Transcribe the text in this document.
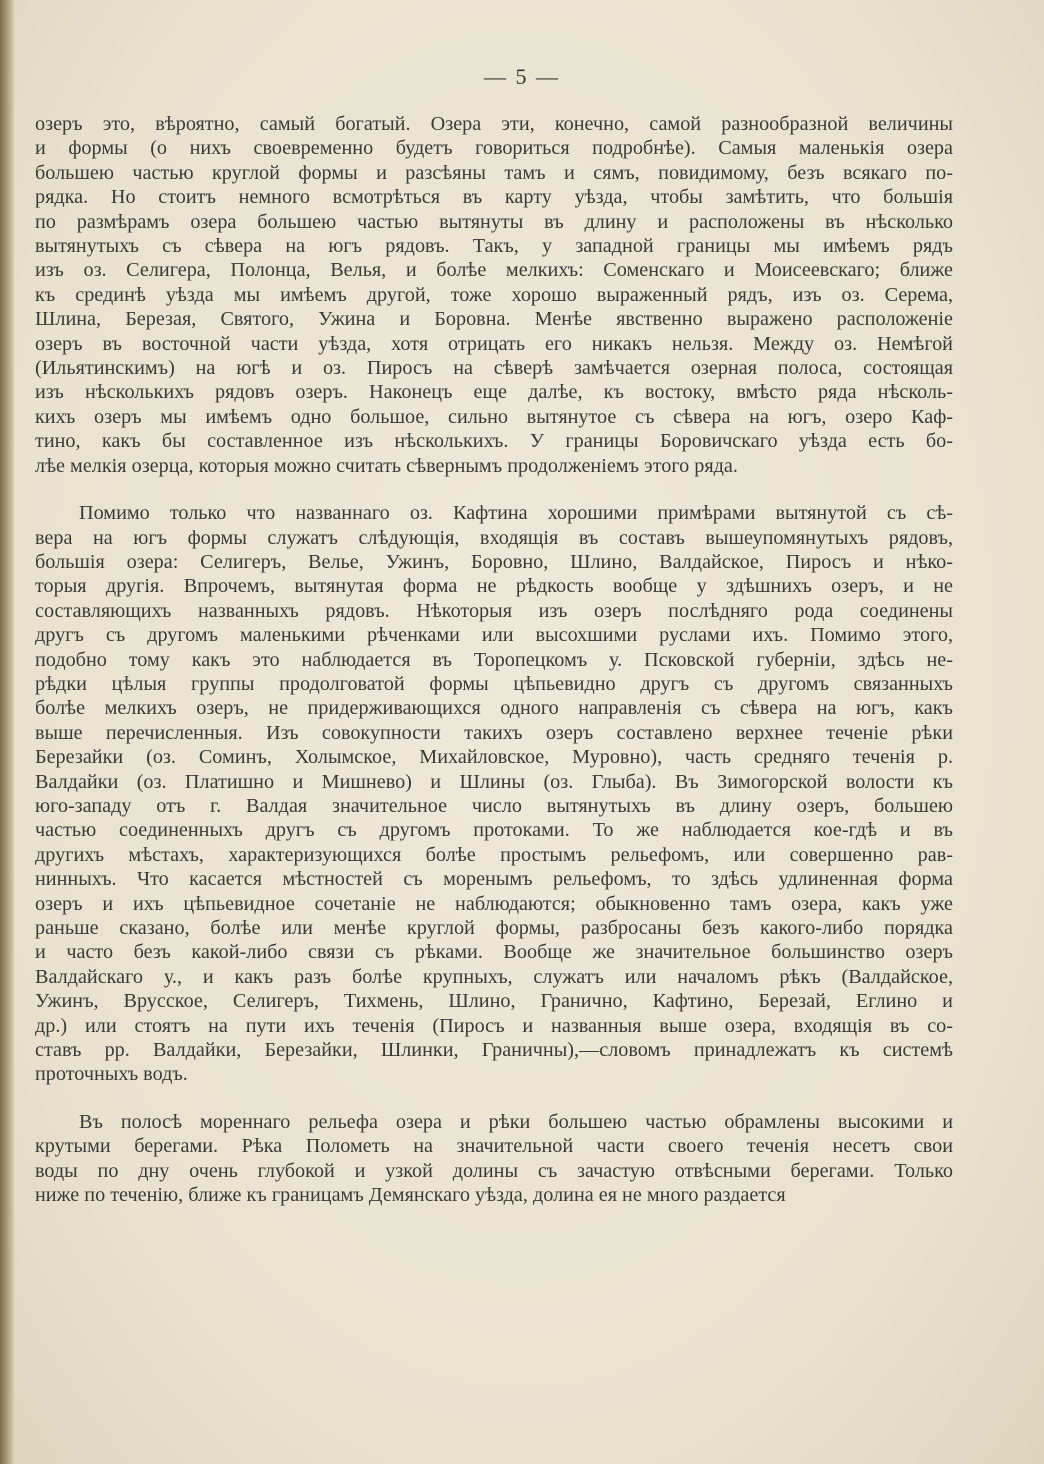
— 5 —

озеръ это, вѣроятно, самый богатый. Озера эти, конечно, самой разнообразной величины
и формы (о нихъ своевременно будетъ говориться подробнѣе). Самыя маленькія озера
большею частью круглой формы и разсѣяны тамъ и сямъ, повидимому, безъ всякаго по-
рядка. Но стоитъ немного всмотрѣться въ карту уѣзда, чтобы замѣтить, что большія
по размѣрамъ озера большею частью вытянуты въ длину и расположены въ нѣсколько
вытянутыхъ съ сѣвера на югъ рядовъ. Такъ, у западной границы мы имѣемъ рядъ
изъ оз. Селигера, Полонца, Велья, и болѣе мелкихъ: Соменскаго и Моисеевскаго; ближе
къ срединѣ уѣзда мы имѣемъ другой, тоже хорошо выраженный рядъ, изъ оз. Серема,
Шлина, Березая, Святого, Ужина и Боровна. Менѣе явственно выражено расположеніе
озеръ въ восточной части уѣзда, хотя отрицать его никакъ нельзя. Между оз. Немѣгой
(Ильятинскимъ) на югѣ и оз. Пиросъ на сѣверѣ замѣчается озерная полоса, состоящая
изъ нѣсколькихъ рядовъ озеръ. Наконецъ еще далѣе, къ востоку, вмѣсто ряда нѣсколь-
кихъ озеръ мы имѣемъ одно большое, сильно вытянутое съ сѣвера на югъ, озеро Каф-
тино, какъ бы составленное изъ нѣсколькихъ. У границы Боровичскаго уѣзда есть бо-
лѣе мелкія озерца, которыя можно считать сѣвернымъ продолженіемъ этого ряда.

Помимо только что названнаго оз. Кафтина хорошими примѣрами вытянутой съ сѣ-
вера на югъ формы служатъ слѣдующія, входящія въ составъ вышеупомянутыхъ рядовъ,
большія озера: Селигеръ, Велье, Ужинъ, Боровно, Шлино, Валдайское, Пиросъ и нѣко-
торыя другія. Впрочемъ, вытянутая форма не рѣдкость вообще у здѣшнихъ озеръ, и не
составляющихъ названныхъ рядовъ. Нѣкоторыя изъ озеръ послѣдняго рода соединены
другъ съ другомъ маленькими рѣченками или высохшими руслами ихъ. Помимо этого,
подобно тому какъ это наблюдается въ Торопецкомъ у. Псковской губерніи, здѣсь не-
рѣдки цѣлыя группы продолговатой формы цѣпьевидно другъ съ другомъ связанныхъ
болѣе мелкихъ озеръ, не придерживающихся одного направленія съ сѣвера на югъ, какъ
выше перечисленныя. Изъ совокупности такихъ озеръ составлено верхнее теченіе рѣки
Березайки (оз. Соминъ, Холымское, Михайловское, Муровно), часть средняго теченія р.
Валдайки (оз. Платишно и Мишнево) и Шлины (оз. Глыба). Въ Зимогорской волости къ
юго-западу отъ г. Валдая значительное число вытянутыхъ въ длину озеръ, большею
частью соединенныхъ другъ съ другомъ протоками. То же наблюдается кое-гдѣ и въ
другихъ мѣстахъ, характеризующихся болѣе простымъ рельефомъ, или совершенно рав-
нинныхъ. Что касается мѣстностей съ моренымъ рельефомъ, то здѣсь удлиненная форма
озеръ и ихъ цѣпьевидное сочетаніе не наблюдаются; обыкновенно тамъ озера, какъ уже
раньше сказано, болѣе или менѣе круглой формы, разбросаны безъ какого-либо порядка
и часто безъ какой-либо связи съ рѣками. Вообще же значительное большинство озеръ
Валдайскаго у., и какъ разъ болѣе крупныхъ, служатъ или началомъ рѣкъ (Валдайское,
Ужинъ, Врусское, Селигеръ, Тихмень, Шлино, Гранично, Кафтино, Березай, Еглино и
др.) или стоятъ на пути ихъ теченія (Пиросъ и названныя выше озера, входящія въ со-
ставъ рр. Валдайки, Березайки, Шлинки, Граничны),—словомъ принадлежатъ къ системѣ
проточныхъ водъ.

Въ полосѣ мореннаго рельефа озера и рѣки большею частью обрамлены высокими и
крутыми берегами. Рѣка Полометь на значительной части своего теченія несетъ свои
воды по дну очень глубокой и узкой долины съ зачастую отвѣсными берегами. Только
ниже по теченію, ближе къ границамъ Демянскаго уѣзда, долина ея не много раздается
